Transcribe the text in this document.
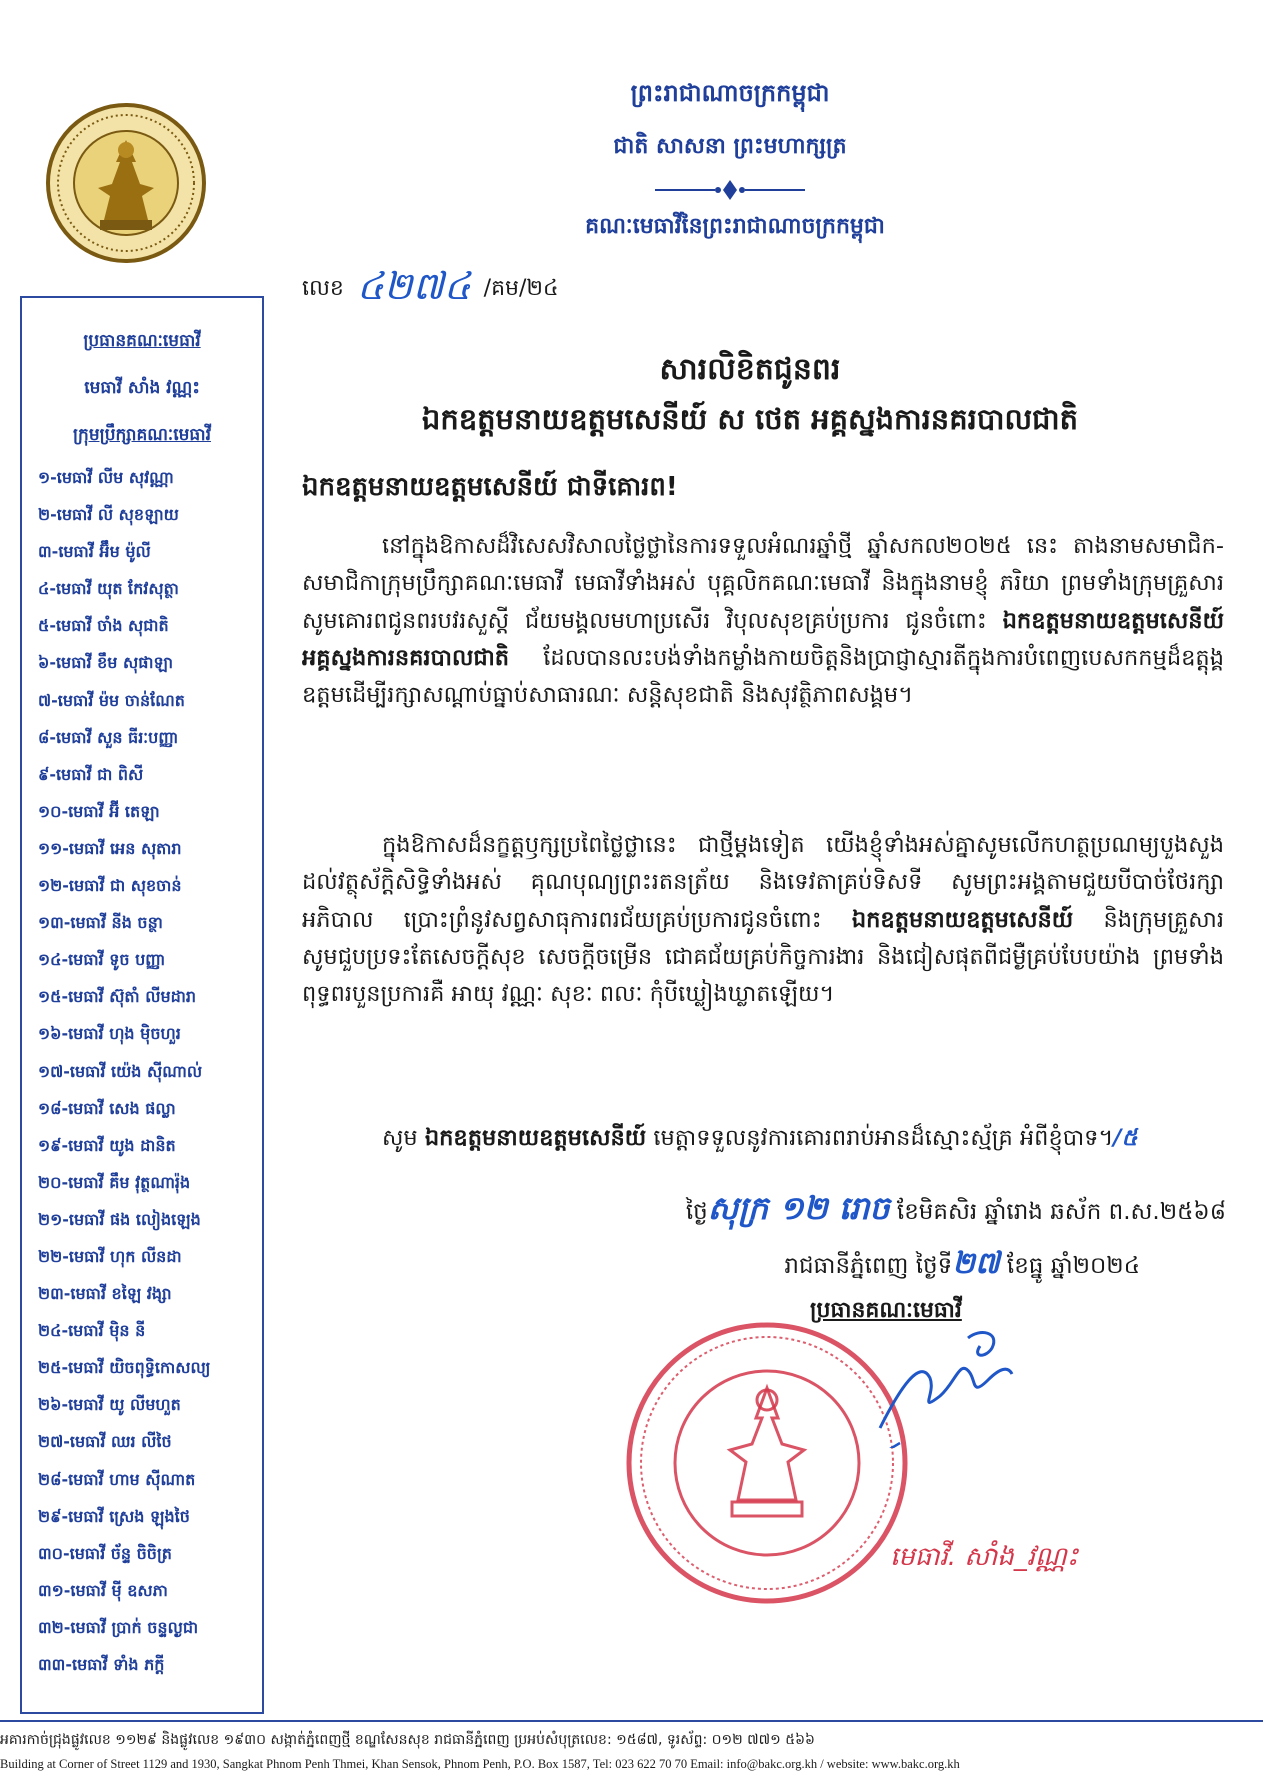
ព្រះរាជាណាចក្រកម្ពុជា
ជាតិ សាសនា ព្រះមហាក្សត្រ
គណៈមេធាវីនៃព្រះរាជាណាចក្រកម្ពុជា
លេខ ៤២៧៤ /គម/២៤
ប្រធានគណៈមេធាវី
មេធាវី សាំង វណ្ណះ
ក្រុមប្រឹក្សាគណៈមេធាវី
១-មេធាវី លីម សុវណ្ណា
២-មេធាវី លី សុខឡាយ
៣-មេធាវី អ៊ឹម ម៉ូលី
៤-មេធាវី យុត កែវសុត្ថា
៥-មេធាវី ចាំង សុជាតិ
៦-មេធាវី ខឹម សុផាឡា
៧-មេធាវី ម៉ម ចាន់ណែត
៨-មេធាវី សួន ធីរៈបញ្ញា
៩-មេធាវី ជា ពិសី
១០-មេធាវី អ៊ី តេឡា
១១-មេធាវី អេន សុតារា
១២-មេធាវី ជា សុខចាន់
១៣-មេធាវី នីង ចន្ថា
១៤-មេធាវី ទូច បញ្ញា
១៥-មេធាវី ស៊ុតាំ លីមដារា
១៦-មេធាវី ហុង ម៉ិចហួរ
១៧-មេធាវី យ៉េង ស៊ីណាល់
១៨-មេធាវី សេង ផល្លា
១៩-មេធាវី យូង ដានិត
២០-មេធាវី គឹម វុត្ថណារ៉ុង
២១-មេធាវី ផង លៀងឡេង
២២-មេធាវី ហុក លីនដា
២៣-មេធាវី ខឡៃ វង្សា
២៤-មេធាវី ម៉ិន នី
២៥-មេធាវី យិចពុទ្ធិកោសល្យ
២៦-មេធាវី យូ លីមហួត
២៧-មេធាវី ឈរ លីថៃ
២៨-មេធាវី ហាម ស៊ីណាត
២៩-មេធាវី ស្រេង ឡុងថៃ
៣០-មេធាវី ច័ន្ទ ចិចិត្រ
៣១-មេធាវី ម៉ី ឧសភា
៣២-មេធាវី ប្រាក់ ចន្ទល្ងជា
៣៣-មេធាវី ទាំង ភក្តី
សារលិខិតជូនពរ
ឯកឧត្តមនាយឧត្តមសេនីយ៍ ស ថេត អគ្គស្នងការនគរបាលជាតិ
ឯកឧត្តមនាយឧត្តមសេនីយ៍ ជាទីគោរព!
នៅក្នុងឱកាសដ៏វិសេសវិសាលថ្លៃថ្លានៃការទទួលអំណរឆ្នាំថ្មី ឆ្នាំសកល២០២៥ នេះ តាងនាមសមាជិក-សមាជិកាក្រុមប្រឹក្សាគណៈមេធាវី មេធាវីទាំងអស់ បុគ្គលិកគណៈមេធាវី និងក្នុងនាមខ្ញុំ ភរិយា ព្រមទាំងក្រុមគ្រួសារ សូមគោរពជូនពរបវរសួស្តី ជ័យមង្គលមហាប្រសើរ វិបុលសុខគ្រប់ប្រការ ជូនចំពោះ ឯកឧត្តមនាយឧត្តមសេនីយ៍ អគ្គស្នងការនគរបាលជាតិ ដែលបានលះបង់ទាំងកម្លាំងកាយចិត្តនិងប្រាជ្ញាស្មារតីក្នុងការបំពេញបេសកកម្មដ៏ឧត្តុង្គឧត្តមដើម្បីរក្សាសណ្តាប់ធ្នាប់សាធារណៈ សន្តិសុខជាតិ និងសុវត្ថិភាពសង្គម។
ក្នុងឱកាសដ៏នក្ខត្តឫក្សប្រពៃថ្លៃថ្លានេះ ជាថ្មីម្តងទៀត យើងខ្ញុំទាំងអស់គ្នាសូមលើកហត្ថប្រណម្យបួងសួងដល់វត្ថុស័ក្តិសិទ្ធិទាំងអស់ គុណបុណ្យព្រះរតនត្រ័យ និងទេវតាគ្រប់ទិសទី សូមព្រះអង្គតាមជួយបីបាច់ថែរក្សាអភិបាល ប្រោះព្រំនូវសព្វសាធុការពរជ័យគ្រប់ប្រការជូនចំពោះ ឯកឧត្តមនាយឧត្តមសេនីយ៍ និងក្រុមគ្រួសារ សូមជួបប្រទះតែសេចក្តីសុខ សេចក្តីចម្រើន ជោគជ័យគ្រប់កិច្ចការងារ និងជៀសផុតពីជម្ងឺគ្រប់បែបយ៉ាង ព្រមទាំងពុទ្ធពរបួនប្រការគឺ អាយុ វណ្ណៈ សុខៈ ពលៈ កុំបីឃ្លៀងឃ្លាតឡើយ។
សូម ឯកឧត្តមនាយឧត្តមសេនីយ៍ មេត្តាទទួលនូវការគោរពរាប់អានដ៏ស្មោះស្ម័គ្រ អំពីខ្ញុំបាទ។/៥
ថ្ងៃសុក្រ ១២ រោច ខែមិគសិរ ឆ្នាំរោង ឆស័ក ព.ស.២៥៦៨
រាជធានីភ្នំពេញ ថ្ងៃទី២៧ ខែធ្នូ ឆ្នាំ២០២៤
ប្រធានគណៈមេធាវី
មេធាវី. សាំង_វណ្ណះ
អគារកាច់ជ្រុងផ្លូវលេខ ១១២៩ និងផ្លូវលេខ ១៩៣០ សង្កាត់ភ្នំពេញថ្មី ខណ្ឌសែនសុខ រាជធានីភ្នំពេញ ប្រអប់សំបុត្រលេខ: ១៥៨៧, ទូរស័ព្ទ: ០១២ ៧៧១ ៥៦៦
Building at Corner of Street 1129 and 1930, Sangkat Phnom Penh Thmei, Khan Sensok, Phnom Penh, P.O. Box 1587, Tel: 023 622 70 70 Email: info@bakc.org.kh / website: www.bakc.org.kh
